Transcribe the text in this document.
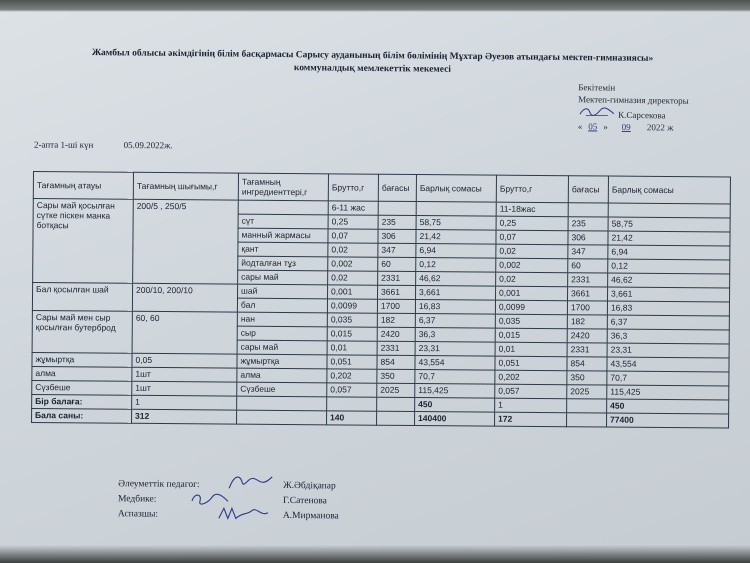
Жамбыл облысы әкімдігінің білім басқармасы Сарысу ауданының білім бөлімінің Мұхтар Әуезов атындағы мектеп-гимназиясы»
коммуналдық мемлекеттік мекемесі
Бекітемін
Мектеп-гимназия директоры
К.Сарсекова
« 05 » 09 2022 ж
2-апта 1-ші күн	05.09.2022ж.
Тағамның атауы	Тағамның шығымы,г	Тағамның ингредиенттері,г	Брутто,г	бағасы	Барлық сомасы	Брутто,г	бағасы	Барлық сомасы
Сары май қосылған сүтке піскен манка ботқасы	200/5 , 250/5		6-11 жас			11-18жас		
		сүт	0,25	235	58,75	0,25	235	58,75
		манный жармасы	0,07	306	21,42	0,07	306	21,42
		қант	0,02	347	6,94	0,02	347	6,94
		йодталған тұз	0,002	60	0,12	0,002	60	0,12
		сары май	0,02	2331	46,62	0,02	2331	46,62
Бал қосылған шай	200/10, 200/10	шай	0,001	3661	3,661	0,001	3661	3,661
		бал	0,0099	1700	16,83	0,0099	1700	16,83
Сары май мен сыр қосылған бутерброд	60, 60	нан	0,035	182	6,37	0,035	182	6,37
		сыр	0,015	2420	36,3	0,015	2420	36,3
		сары май	0,01	2331	23,31	0,01	2331	23,31
жұмыртқа	0,05	жұмыртқа	0,051	854	43,554	0,051	854	43,554
алма	1шт	алма	0,202	350	70,7	0,202	350	70,7
Сүзбеше	1шт	Сүзбеше	0,057	2025	115,425	0,057	2025	115,425
Бір балаға:	1				450	1		450
Бала саны:	312		140		140400	172		77400
Әлеуметтік педагог:	Ж.Әбдіқапар
Медбике:	Г.Сатенова
Аспазшы:	А.Мирманова
